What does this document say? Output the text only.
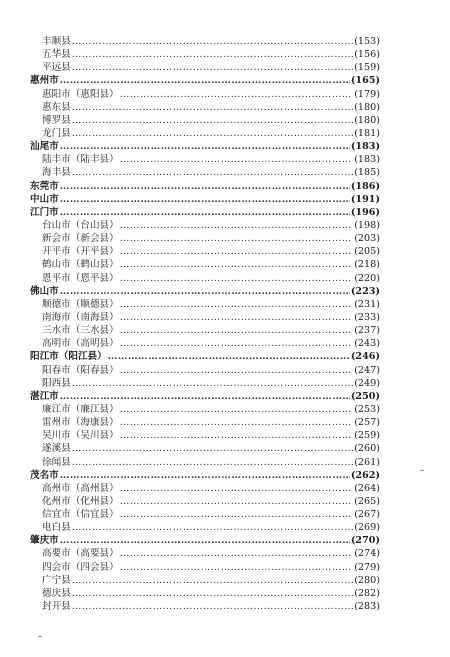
丰顺县 ……………………………………………………………………………………………………………………………………………………………………………………………………	(153)
五华县 ……………………………………………………………………………………………………………………………………………………………………………………………………	(156)
平远县 ……………………………………………………………………………………………………………………………………………………………………………………………………	(159)
惠州市 ……………………………………………………………………………………………………………………………………………………………………………………………………	(165)
惠阳市（惠阳县） ……………………………………………………………………………………………………………………………………………………………………………………………………	(179)
惠东县 ……………………………………………………………………………………………………………………………………………………………………………………………………	(180)
博罗县 ……………………………………………………………………………………………………………………………………………………………………………………………………	(180)
龙门县 ……………………………………………………………………………………………………………………………………………………………………………………………………	(181)
汕尾市 ……………………………………………………………………………………………………………………………………………………………………………………………………	(183)
陆丰市（陆丰县） ……………………………………………………………………………………………………………………………………………………………………………………………………	(183)
海丰县 ……………………………………………………………………………………………………………………………………………………………………………………………………	(185)
东莞市 ……………………………………………………………………………………………………………………………………………………………………………………………………	(186)
中山市 ……………………………………………………………………………………………………………………………………………………………………………………………………	(191)
江门市 ……………………………………………………………………………………………………………………………………………………………………………………………………	(196)
台山市（台山县） ……………………………………………………………………………………………………………………………………………………………………………………………………	(198)
新会市（新会县） ……………………………………………………………………………………………………………………………………………………………………………………………………	(203)
开平市（开平县） ……………………………………………………………………………………………………………………………………………………………………………………………………	(205)
鹤山市（鹤山县） ……………………………………………………………………………………………………………………………………………………………………………………………………	(218)
恩平市（恩平县） ……………………………………………………………………………………………………………………………………………………………………………………………………	(220)
佛山市 ……………………………………………………………………………………………………………………………………………………………………………………………………	(223)
顺德市（顺德县） ……………………………………………………………………………………………………………………………………………………………………………………………………	(231)
南海市（南海县） ……………………………………………………………………………………………………………………………………………………………………………………………………	(233)
三水市（三水县） ……………………………………………………………………………………………………………………………………………………………………………………………………	(237)
高明市（高明县） ……………………………………………………………………………………………………………………………………………………………………………………………………	(243)
阳江市（阳江县） ……………………………………………………………………………………………………………………………………………………………………………………………………	(246)
阳春市（阳春县） ……………………………………………………………………………………………………………………………………………………………………………………………………	(247)
阳西县 ……………………………………………………………………………………………………………………………………………………………………………………………………	(249)
湛江市 ……………………………………………………………………………………………………………………………………………………………………………………………………	(250)
廉江市（廉江县） ……………………………………………………………………………………………………………………………………………………………………………………………………	(253)
雷州市（海康县） ……………………………………………………………………………………………………………………………………………………………………………………………………	(257)
吴川市（吴川县） ……………………………………………………………………………………………………………………………………………………………………………………………………	(259)
遂溪县 ……………………………………………………………………………………………………………………………………………………………………………………………………	(260)
徐闻县 ……………………………………………………………………………………………………………………………………………………………………………………………………	(261)
茂名市 ……………………………………………………………………………………………………………………………………………………………………………………………………	(262)
高州市（高州县） ……………………………………………………………………………………………………………………………………………………………………………………………………	(264)
化州市（化州县） ……………………………………………………………………………………………………………………………………………………………………………………………………	(265)
信宜市（信宜县） ……………………………………………………………………………………………………………………………………………………………………………………………………	(267)
电白县 ……………………………………………………………………………………………………………………………………………………………………………………………………	(269)
肇庆市 ……………………………………………………………………………………………………………………………………………………………………………………………………	(270)
高要市（高要县） ……………………………………………………………………………………………………………………………………………………………………………………………………	(274)
四会市（四会县） ……………………………………………………………………………………………………………………………………………………………………………………………………	(279)
广宁县 ……………………………………………………………………………………………………………………………………………………………………………………………………	(280)
德庆县 ……………………………………………………………………………………………………………………………………………………………………………………………………	(282)
封开县 ……………………………………………………………………………………………………………………………………………………………………………………………………	(283)
